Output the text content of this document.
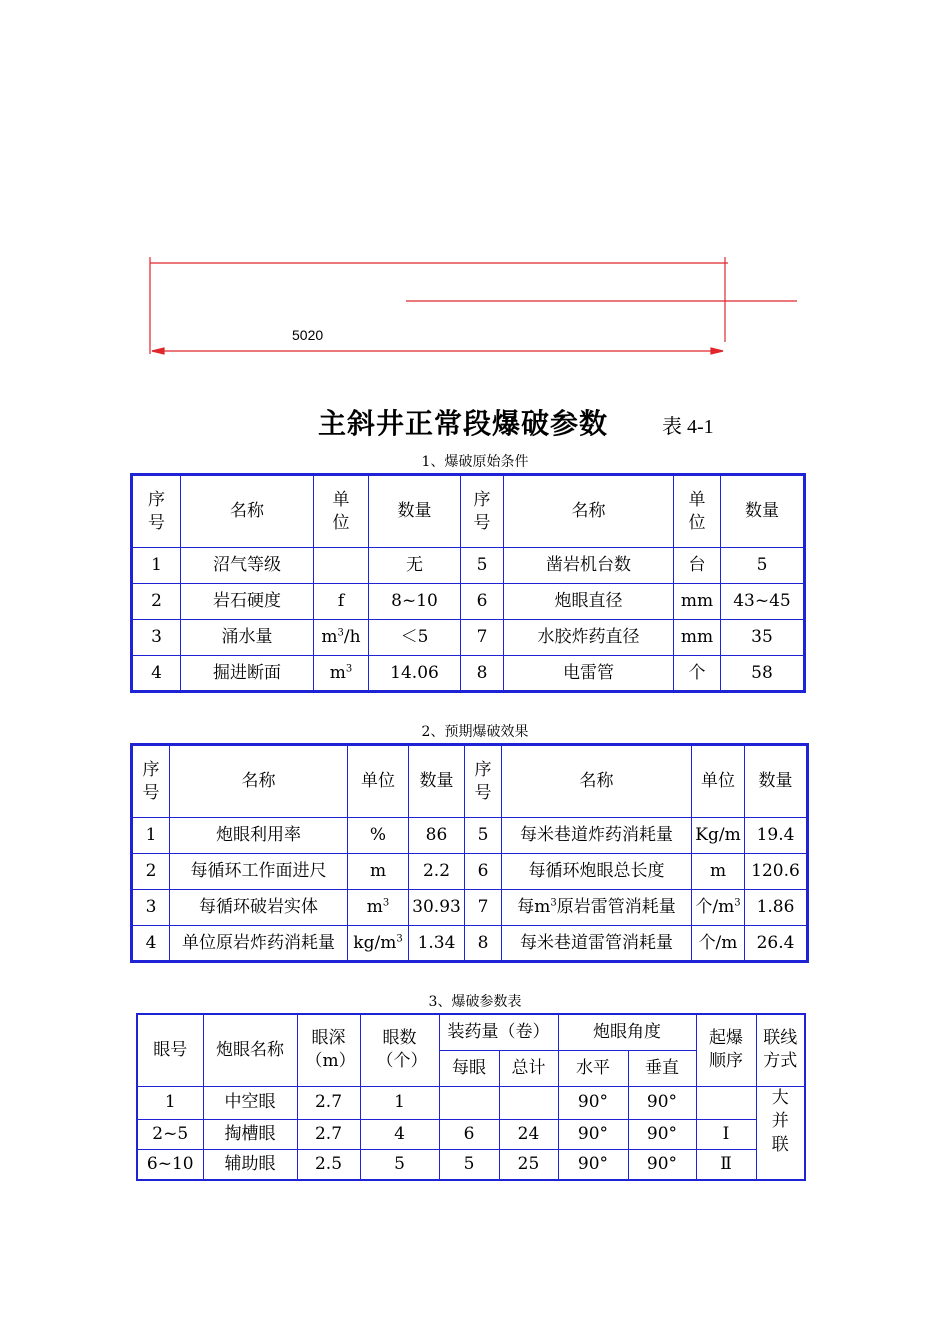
5020
主斜井正常段爆破参数	表 4-1
1、爆破原始条件
序号	名称	单位	数量	序号	名称	单位	数量
1	沼气等级		无	5	凿岩机台数	台	5
2	岩石硬度	f	8~10	6	炮眼直径	mm	43~45
3	涌水量	$m^3/h$	＜5	7	水胶炸药直径	mm	35
4	掘进断面	$m^3$	14.06	8	电雷管	个	58
2、预期爆破效果
序号	名称	单位	数量	序号	名称	单位	数量
1	炮眼利用率	%	86	5	每米巷道炸药消耗量	Kg/m	19.4
2	每循环工作面进尺	m	2.2	6	每循环炮眼总长度	m	120.6
3	每循环破岩实体	$m^3$	30.93	7	每$m^3$原岩雷管消耗量	个$/m^3$	1.86
4	单位原岩炸药消耗量	$kg/m^3$	1.34	8	每米巷道雷管消耗量	个/m	26.4
3、爆破参数表
眼号	炮眼名称	眼深（m）	眼数（个）	装药量（卷）		炮眼角度		起爆顺序	联线方式
				每眼	总计	水平	垂直		
1	中空眼	2.7	1			90°	90°		大并联
2~5	掏槽眼	2.7	4	6	24	90°	90°	Ⅰ	
6~10	辅助眼	2.5	5	5	25	90°	90°	Ⅱ	
